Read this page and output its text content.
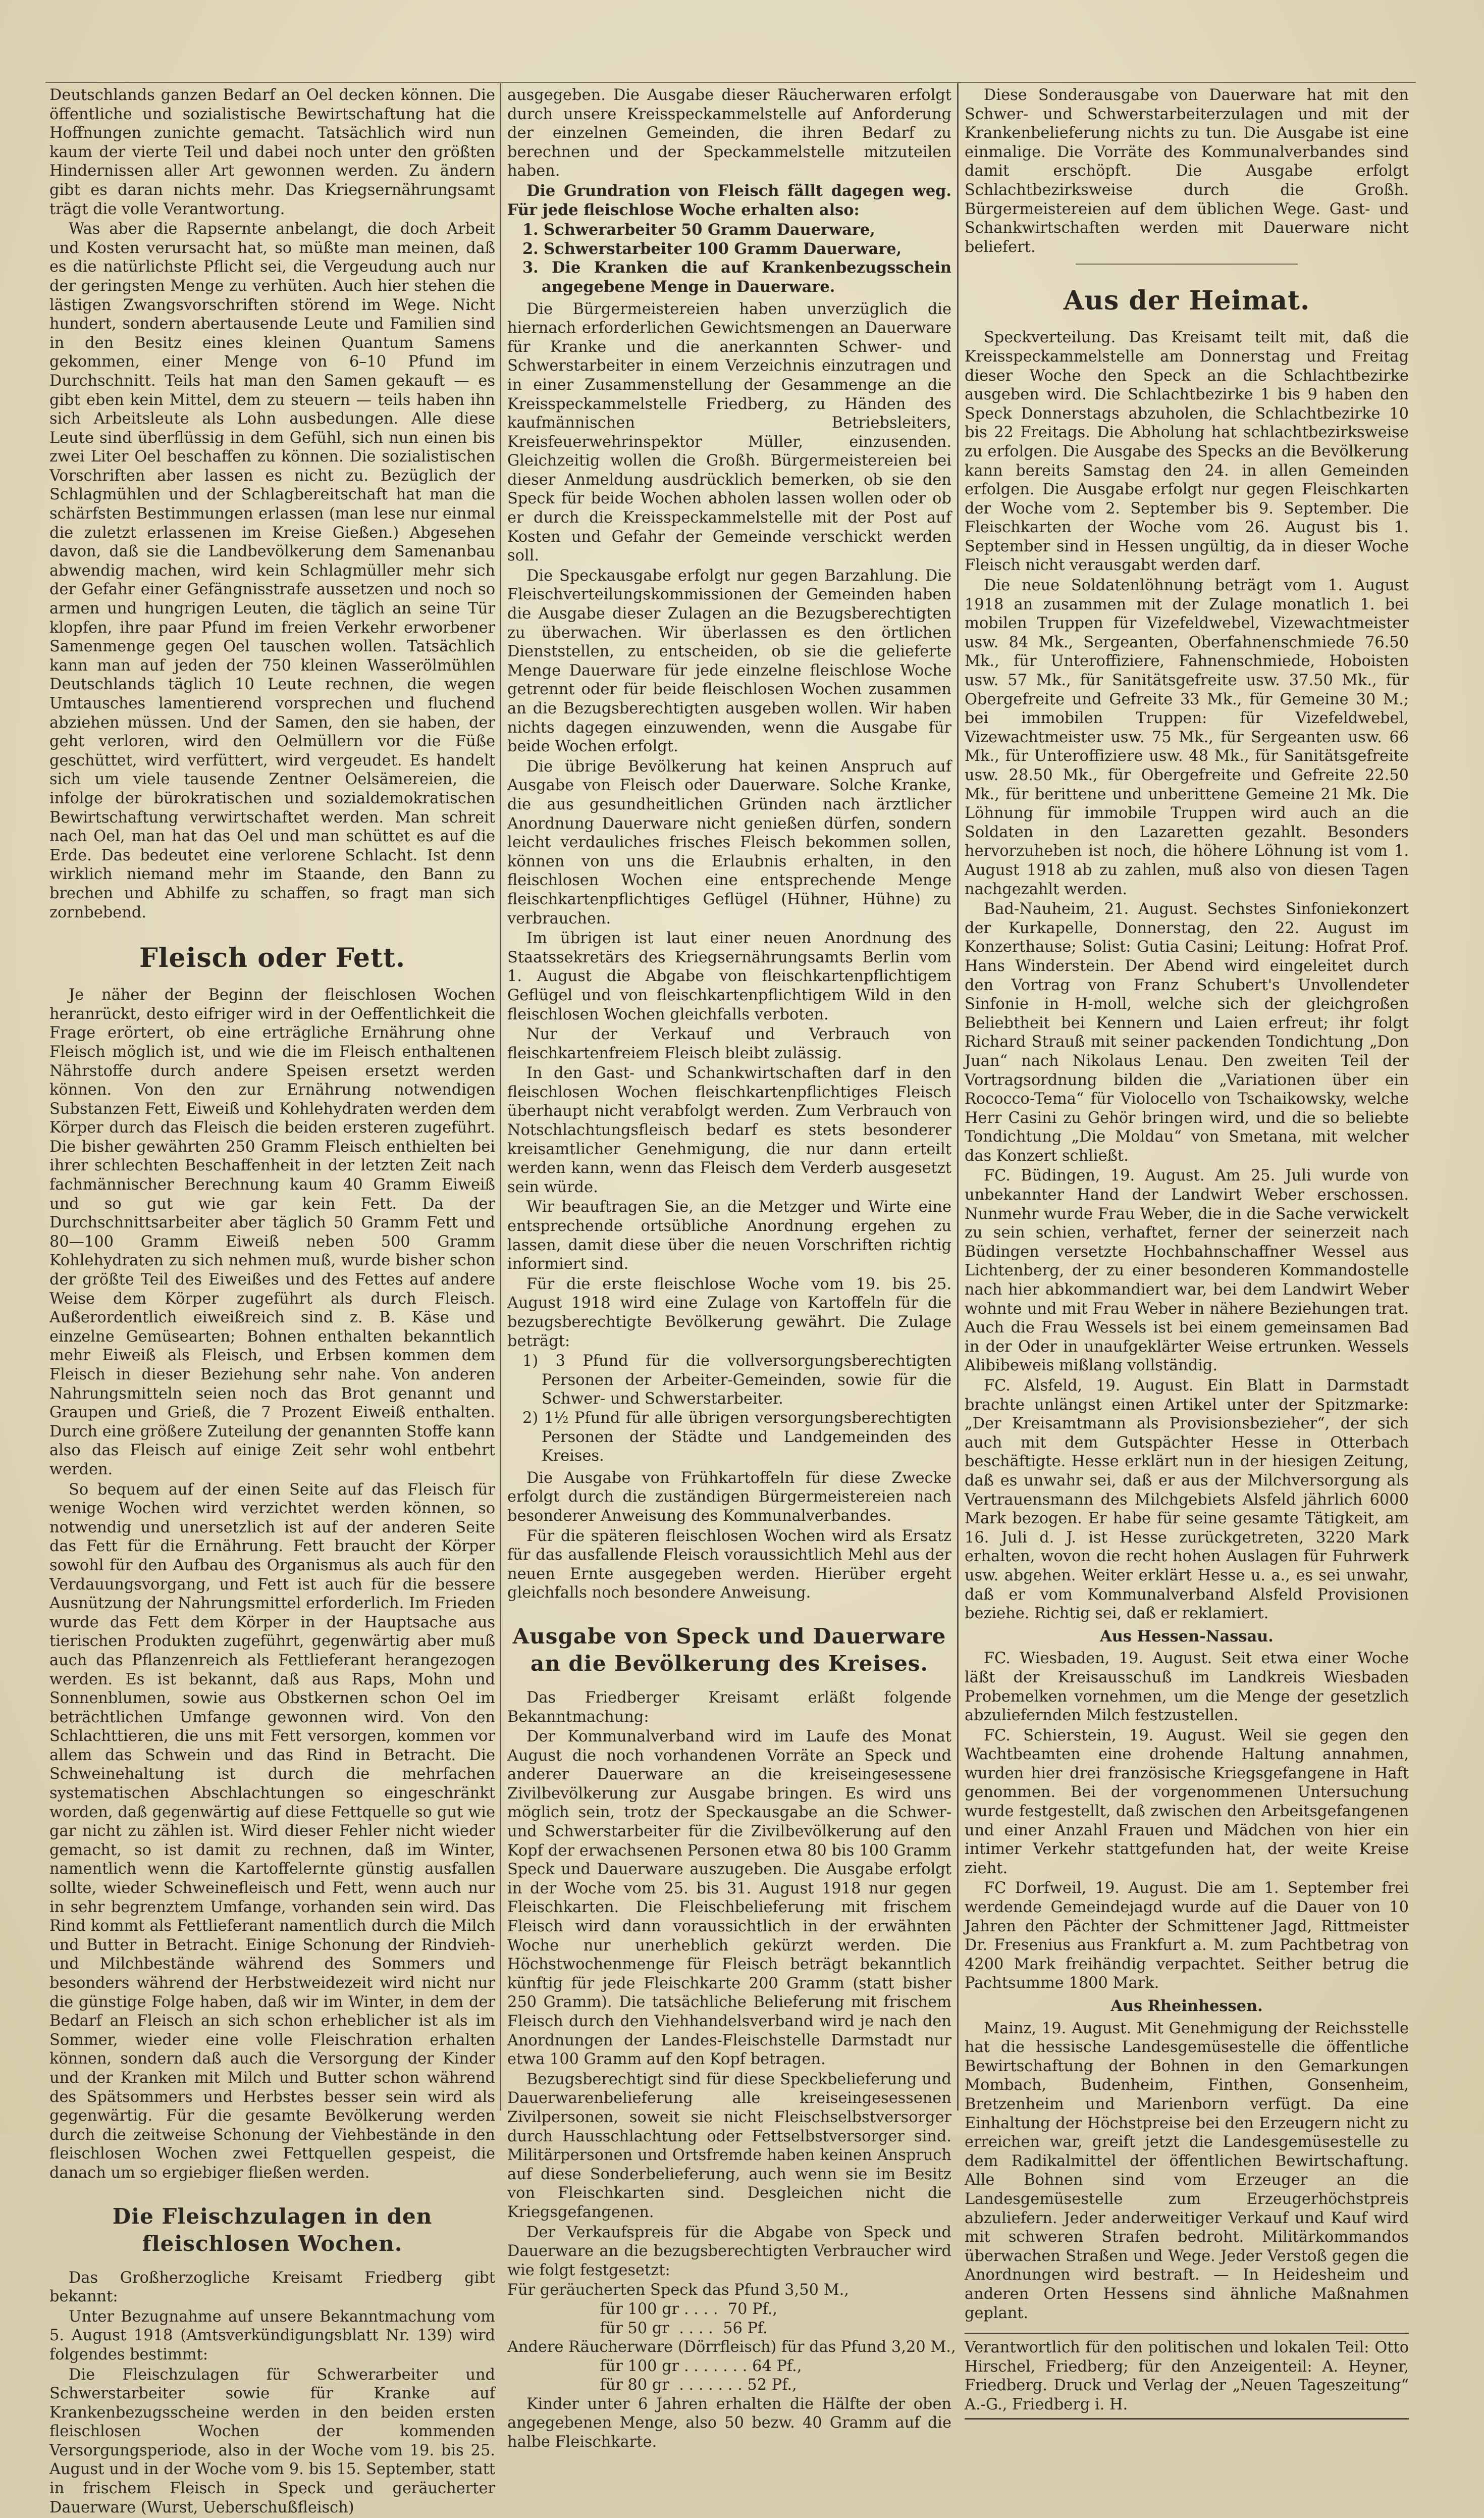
Deutschlands ganzen Bedarf an Oel decken können. Die öffentliche und sozialistische Bewirtschaftung hat die Hoffnungen zunichte gemacht. Tatsächlich wird nun kaum der vierte Teil und dabei noch unter den größten Hindernissen aller Art gewonnen werden. Zu ändern gibt es daran nichts mehr. Das Kriegsernährungsamt trägt die volle Verantwortung.

Was aber die Rapsernte anbelangt, die doch Arbeit und Kosten verursacht hat, so müßte man meinen, daß es die natürlichste Pflicht sei, die Vergeudung auch nur der geringsten Menge zu verhüten. Auch hier stehen die lästigen Zwangsvorschriften störend im Wege. Nicht hundert, sondern abertausende Leute und Familien sind in den Besitz eines kleinen Quantum Samens gekommen, einer Menge von 6–10 Pfund im Durchschnitt. Teils hat man den Samen gekauft — es gibt eben kein Mittel, dem zu steuern — teils haben ihn sich Arbeitsleute als Lohn ausbedungen. Alle diese Leute sind überflüssig in dem Gefühl, sich nun einen bis zwei Liter Oel beschaffen zu können. Die sozialistischen Vorschriften aber lassen es nicht zu. Bezüglich der Schlagmühlen und der Schlagbereitschaft hat man die schärfsten Bestimmungen erlassen (man lese nur einmal die zuletzt erlassenen im Kreise Gießen.) Abgesehen davon, daß sie die Landbevölkerung dem Samenanbau abwendig machen, wird kein Schlagmüller mehr sich der Gefahr einer Gefängnisstrafe aussetzen und noch so armen und hungrigen Leuten, die täglich an seine Tür klopfen, ihre paar Pfund im freien Verkehr erworbener Samenmenge gegen Oel tauschen wollen. Tatsächlich kann man auf jeden der 750 kleinen Wasserölmühlen Deutschlands täglich 10 Leute rechnen, die wegen Umtausches lamentierend vorsprechen und fluchend abziehen müssen. Und der Samen, den sie haben, der geht verloren, wird den Oelmüllern vor die Füße geschüttet, wird verfüttert, wird vergeudet. Es handelt sich um viele tausende Zentner Oelsämereien, die infolge der bürokratischen und sozialdemokratischen Bewirtschaftung verwirtschaftet werden. Man schreit nach Oel, man hat das Oel und man schüttet es auf die Erde. Das bedeutet eine verlorene Schlacht. Ist denn wirklich niemand mehr im Staande, den Bann zu brechen und Abhilfe zu schaffen, so fragt man sich zornbebend.

Fleisch oder Fett.

Je näher der Beginn der fleischlosen Wochen heranrückt, desto eifriger wird in der Oeffentlichkeit die Frage erörtert, ob eine erträgliche Ernährung ohne Fleisch möglich ist, und wie die im Fleisch enthaltenen Nährstoffe durch andere Speisen ersetzt werden können. Von den zur Ernährung notwendigen Substanzen Fett, Eiweiß und Kohlehydraten werden dem Körper durch das Fleisch die beiden ersteren zugeführt. Die bisher gewährten 250 Gramm Fleisch enthielten bei ihrer schlechten Beschaffenheit in der letzten Zeit nach fachmännischer Berechnung kaum 40 Gramm Eiweiß und so gut wie gar kein Fett. Da der Durchschnittsarbeiter aber täglich 50 Gramm Fett und 80—100 Gramm Eiweiß neben 500 Gramm Kohlehydraten zu sich nehmen muß, wurde bisher schon der größte Teil des Eiweißes und des Fettes auf andere Weise dem Körper zugeführt als durch Fleisch. Außerordentlich eiweißreich sind z. B. Käse und einzelne Gemüsearten; Bohnen enthalten bekanntlich mehr Eiweiß als Fleisch, und Erbsen kommen dem Fleisch in dieser Beziehung sehr nahe. Von anderen Nahrungsmitteln seien noch das Brot genannt und Graupen und Grieß, die 7 Prozent Eiweiß enthalten. Durch eine größere Zuteilung der genannten Stoffe kann also das Fleisch auf einige Zeit sehr wohl entbehrt werden.

So bequem auf der einen Seite auf das Fleisch für wenige Wochen wird verzichtet werden können, so notwendig und unersetzlich ist auf der anderen Seite das Fett für die Ernährung. Fett braucht der Körper sowohl für den Aufbau des Organismus als auch für den Verdauungsvorgang, und Fett ist auch für die bessere Ausnützung der Nahrungsmittel erforderlich. Im Frieden wurde das Fett dem Körper in der Hauptsache aus tierischen Produkten zugeführt, gegenwärtig aber muß auch das Pflanzenreich als Fettlieferant herangezogen werden. Es ist bekannt, daß aus Raps, Mohn und Sonnenblumen, sowie aus Obstkernen schon Oel im beträchtlichen Umfange gewonnen wird. Von den Schlachttieren, die uns mit Fett versorgen, kommen vor allem das Schwein und das Rind in Betracht. Die Schweinehaltung ist durch die mehrfachen systematischen Abschlachtungen so eingeschränkt worden, daß gegenwärtig auf diese Fettquelle so gut wie gar nicht zu zählen ist. Wird dieser Fehler nicht wieder gemacht, so ist damit zu rechnen, daß im Winter, namentlich wenn die Kartoffelernte günstig ausfallen sollte, wieder Schweinefleisch und Fett, wenn auch nur in sehr begrenztem Umfange, vorhanden sein wird. Das Rind kommt als Fettlieferant namentlich durch die Milch und Butter in Betracht. Einige Schonung der Rindvieh- und Milchbestände während des Sommers und besonders während der Herbstweidezeit wird nicht nur die günstige Folge haben, daß wir im Winter, in dem der Bedarf an Fleisch an sich schon erheblicher ist als im Sommer, wieder eine volle Fleischration erhalten können, sondern daß auch die Versorgung der Kinder und der Kranken mit Milch und Butter schon während des Spätsommers und Herbstes besser sein wird als gegenwärtig. Für die gesamte Bevölkerung werden durch die zeitweise Schonung der Viehbestände in den fleischlosen Wochen zwei Fettquellen gespeist, die danach um so ergiebiger fließen werden.

Die Fleischzulagen in den fleischlosen Wochen.

Das Großherzogliche Kreisamt Friedberg gibt bekannt:

Unter Bezugnahme auf unsere Bekanntmachung vom 5. August 1918 (Amtsverkündigungsblatt Nr. 139) wird folgendes bestimmt:

Die Fleischzulagen für Schwerarbeiter und Schwerstarbeiter sowie für Kranke auf Krankenbezugsscheine werden in den beiden ersten fleischlosen Wochen der kommenden Versorgungsperiode, also in der Woche vom 19. bis 25. August und in der Woche vom 9. bis 15. September, statt in frischem Fleisch in Speck und geräucherter Dauerware (Wurst, Ueberschußfleisch)

ausgegeben. Die Ausgabe dieser Räucherwaren erfolgt durch unsere Kreisspeckammelstelle auf Anforderung der einzelnen Gemeinden, die ihren Bedarf zu berechnen und der Speckammelstelle mitzuteilen haben.

Die Grundration von Fleisch fällt dagegen weg. Für jede fleischlose Woche erhalten also:

1. Schwerarbeiter 50 Gramm Dauerware,
2. Schwerstarbeiter 100 Gramm Dauerware,
3. Die Kranken die auf Krankenbezugsschein angegebene Menge in Dauerware.

Die Bürgermeistereien haben unverzüglich die hiernach erforderlichen Gewichtsmengen an Dauerware für Kranke und die anerkannten Schwer- und Schwerstarbeiter in einem Verzeichnis einzutragen und in einer Zusammenstellung der Gesammenge an die Kreisspeckammelstelle Friedberg, zu Händen des kaufmännischen Betriebsleiters, Kreisfeuerwehrinspektor Müller, einzusenden. Gleichzeitig wollen die Großh. Bürgermeistereien bei dieser Anmeldung ausdrücklich bemerken, ob sie den Speck für beide Wochen abholen lassen wollen oder ob er durch die Kreisspeckammelstelle mit der Post auf Kosten und Gefahr der Gemeinde verschickt werden soll.

Die Speckausgabe erfolgt nur gegen Barzahlung. Die Fleischverteilungskommissionen der Gemeinden haben die Ausgabe dieser Zulagen an die Bezugsberechtigten zu überwachen. Wir überlassen es den örtlichen Dienststellen, zu entscheiden, ob sie die gelieferte Menge Dauerware für jede einzelne fleischlose Woche getrennt oder für beide fleischlosen Wochen zusammen an die Bezugsberechtigten ausgeben wollen. Wir haben nichts dagegen einzuwenden, wenn die Ausgabe für beide Wochen erfolgt.

Die übrige Bevölkerung hat keinen Anspruch auf Ausgabe von Fleisch oder Dauerware. Solche Kranke, die aus gesundheitlichen Gründen nach ärztlicher Anordnung Dauerware nicht genießen dürfen, sondern leicht verdauliches frisches Fleisch bekommen sollen, können von uns die Erlaubnis erhalten, in den fleischlosen Wochen eine entsprechende Menge fleischkartenpflichtiges Geflügel (Hühner, Hühne) zu verbrauchen.

Im übrigen ist laut einer neuen Anordnung des Staatssekretärs des Kriegsernährungsamts Berlin vom 1. August die Abgabe von fleischkartenpflichtigem Geflügel und von fleischkartenpflichtigem Wild in den fleischlosen Wochen gleichfalls verboten.

Nur der Verkauf und Verbrauch von fleischkartenfreiem Fleisch bleibt zulässig.

In den Gast- und Schankwirtschaften darf in den fleischlosen Wochen fleischkartenpflichtiges Fleisch überhaupt nicht verabfolgt werden. Zum Verbrauch von Notschlachtungsfleisch bedarf es stets besonderer kreisamtlicher Genehmigung, die nur dann erteilt werden kann, wenn das Fleisch dem Verderb ausgesetzt sein würde.

Wir beauftragen Sie, an die Metzger und Wirte eine entsprechende ortsübliche Anordnung ergehen zu lassen, damit diese über die neuen Vorschriften richtig informiert sind.

Für die erste fleischlose Woche vom 19. bis 25. August 1918 wird eine Zulage von Kartoffeln für die bezugsberechtigte Bevölkerung gewährt. Die Zulage beträgt:

1) 3 Pfund für die vollversorgungsberechtigten Personen der Arbeiter-Gemeinden, sowie für die Schwer- und Schwerstarbeiter.
2) 1½ Pfund für alle übrigen versorgungsberechtigten Personen der Städte und Landgemeinden des Kreises.

Die Ausgabe von Frühkartoffeln für diese Zwecke erfolgt durch die zuständigen Bürgermeistereien nach besonderer Anweisung des Kommunalverbandes.

Für die späteren fleischlosen Wochen wird als Ersatz für das ausfallende Fleisch voraussichtlich Mehl aus der neuen Ernte ausgegeben werden. Hierüber ergeht gleichfalls noch besondere Anweisung.

Ausgabe von Speck und Dauerware an die Bevölkerung des Kreises.

Das Friedberger Kreisamt erläßt folgende Bekanntmachung:

Der Kommunalverband wird im Laufe des Monat August die noch vorhandenen Vorräte an Speck und anderer Dauerware an die kreiseingesessene Zivilbevölkerung zur Ausgabe bringen. Es wird uns möglich sein, trotz der Speckausgabe an die Schwer- und Schwerstarbeiter für die Zivilbevölkerung auf den Kopf der erwachsenen Personen etwa 80 bis 100 Gramm Speck und Dauerware auszugeben. Die Ausgabe erfolgt in der Woche vom 25. bis 31. August 1918 nur gegen Fleischkarten. Die Fleischbelieferung mit frischem Fleisch wird dann voraussichtlich in der erwähnten Woche nur unerheblich gekürzt werden. Die Höchstwochenmenge für Fleisch beträgt bekanntlich künftig für jede Fleischkarte 200 Gramm (statt bisher 250 Gramm). Die tatsächliche Belieferung mit frischem Fleisch durch den Viehhandelsverband wird je nach den Anordnungen der Landes-Fleischstelle Darmstadt nur etwa 100 Gramm auf den Kopf betragen.

Bezugsberechtigt sind für diese Speckbelieferung und Dauerwarenbelieferung alle kreiseingesessenen Zivilpersonen, soweit sie nicht Fleischselbstversorger durch Hausschlachtung oder Fettselbstversorger sind. Militärpersonen und Ortsfremde haben keinen Anspruch auf diese Sonderbelieferung, auch wenn sie im Besitz von Fleischkarten sind. Desgleichen nicht die Kriegsgefangenen.

Der Verkaufspreis für die Abgabe von Speck und Dauerware an die bezugsberechtigten Verbraucher wird wie folgt festgesetzt:

Für geräucherten Speck das Pfund 3,50 M.,
für 100 gr . . . .  70 Pf.,
für 50 gr  . . . .  56 Pf.
Andere Räucherware (Dörrfleisch) für das Pfund 3,20 M.,
für 100 gr . . . . . . . 64 Pf.,
für 80 gr  . . . . . . . 52 Pf.,

Kinder unter 6 Jahren erhalten die Hälfte der oben angegebenen Menge, also 50 bezw. 40 Gramm auf die halbe Fleischkarte.

Diese Sonderausgabe von Dauerware hat mit den Schwer- und Schwerstarbeiterzulagen und mit der Krankenbelieferung nichts zu tun. Die Ausgabe ist eine einmalige. Die Vorräte des Kommunalverbandes sind damit erschöpft. Die Ausgabe erfolgt Schlachtbezirksweise durch die Großh. Bürgermeistereien auf dem üblichen Wege. Gast- und Schankwirtschaften werden mit Dauerware nicht beliefert.

Aus der Heimat.

Speckverteilung. Das Kreisamt teilt mit, daß die Kreisspeckammelstelle am Donnerstag und Freitag dieser Woche den Speck an die Schlachtbezirke ausgeben wird. Die Schlachtbezirke 1 bis 9 haben den Speck Donnerstags abzuholen, die Schlachtbezirke 10 bis 22 Freitags. Die Abholung hat schlachtbezirksweise zu erfolgen. Die Ausgabe des Specks an die Bevölkerung kann bereits Samstag den 24. in allen Gemeinden erfolgen. Die Ausgabe erfolgt nur gegen Fleischkarten der Woche vom 2. September bis 9. September. Die Fleischkarten der Woche vom 26. August bis 1. September sind in Hessen ungültig, da in dieser Woche Fleisch nicht verausgabt werden darf.

Die neue Soldatenlöhnung beträgt vom 1. August 1918 an zusammen mit der Zulage monatlich 1. bei mobilen Truppen für Vizefeldwebel, Vizewachtmeister usw. 84 Mk., Sergeanten, Oberfahnenschmiede 76.50 Mk., für Unteroffiziere, Fahnenschmiede, Hoboisten usw. 57 Mk., für Sanitätsgefreite usw. 37.50 Mk., für Obergefreite und Gefreite 33 Mk., für Gemeine 30 M.; bei immobilen Truppen: für Vizefeldwebel, Vizewachtmeister usw. 75 Mk., für Sergeanten usw. 66 Mk., für Unteroffiziere usw. 48 Mk., für Sanitätsgefreite usw. 28.50 Mk., für Obergefreite und Gefreite 22.50 Mk., für berittene und unberittene Gemeine 21 Mk. Die Löhnung für immobile Truppen wird auch an die Soldaten in den Lazaretten gezahlt. Besonders hervorzuheben ist noch, die höhere Löhnung ist vom 1. August 1918 ab zu zahlen, muß also von diesen Tagen nachgezahlt werden.

Bad-Nauheim, 21. August. Sechstes Sinfoniekonzert der Kurkapelle, Donnerstag, den 22. August im Konzerthause; Solist: Gutia Casini; Leitung: Hofrat Prof. Hans Winderstein. Der Abend wird eingeleitet durch den Vortrag von Franz Schubert's Unvollendeter Sinfonie in H-moll, welche sich der gleichgroßen Beliebtheit bei Kennern und Laien erfreut; ihr folgt Richard Strauß mit seiner packenden Tondichtung „Don Juan“ nach Nikolaus Lenau. Den zweiten Teil der Vortragsordnung bilden die „Variationen über ein Rococco-Tema“ für Violocello von Tschaikowsky, welche Herr Casini zu Gehör bringen wird, und die so beliebte Tondichtung „Die Moldau“ von Smetana, mit welcher das Konzert schließt.

FC. Büdingen, 19. August. Am 25. Juli wurde von unbekannter Hand der Landwirt Weber erschossen. Nunmehr wurde Frau Weber, die in die Sache verwickelt zu sein schien, verhaftet, ferner der seinerzeit nach Büdingen versetzte Hochbahnschaffner Wessel aus Lichtenberg, der zu einer besonderen Kommandostelle nach hier abkommandiert war, bei dem Landwirt Weber wohnte und mit Frau Weber in nähere Beziehungen trat. Auch die Frau Wessels ist bei einem gemeinsamen Bad in der Oder in unaufgeklärter Weise ertrunken. Wessels Alibibeweis mißlang vollständig.

FC. Alsfeld, 19. August. Ein Blatt in Darmstadt brachte unlängst einen Artikel unter der Spitzmarke: „Der Kreisamtmann als Provisionsbezieher“, der sich auch mit dem Gutspächter Hesse in Otterbach beschäftigte. Hesse erklärt nun in der hiesigen Zeitung, daß es unwahr sei, daß er aus der Milchversorgung als Vertrauensmann des Milchgebiets Alsfeld jährlich 6000 Mark bezogen. Er habe für seine gesamte Tätigkeit, am 16. Juli d. J. ist Hesse zurückgetreten, 3220 Mark erhalten, wovon die recht hohen Auslagen für Fuhrwerk usw. abgehen. Weiter erklärt Hesse u. a., es sei unwahr, daß er vom Kommunalverband Alsfeld Provisionen beziehe. Richtig sei, daß er reklamiert.

Aus Hessen-Nassau.

FC. Wiesbaden, 19. August. Seit etwa einer Woche läßt der Kreisausschuß im Landkreis Wiesbaden Probemelken vornehmen, um die Menge der gesetzlich abzuliefernden Milch festzustellen.

FC. Schierstein, 19. August. Weil sie gegen den Wachtbeamten eine drohende Haltung annahmen, wurden hier drei französische Kriegsgefangene in Haft genommen. Bei der vorgenommenen Untersuchung wurde festgestellt, daß zwischen den Arbeitsgefangenen und einer Anzahl Frauen und Mädchen von hier ein intimer Verkehr stattgefunden hat, der weite Kreise zieht.

FC Dorfweil, 19. August. Die am 1. September frei werdende Gemeindejagd wurde auf die Dauer von 10 Jahren den Pächter der Schmittener Jagd, Rittmeister Dr. Fresenius aus Frankfurt a. M. zum Pachtbetrag von 4200 Mark freihändig verpachtet. Seither betrug die Pachtsumme 1800 Mark.

Aus Rheinhessen.

Mainz, 19. August. Mit Genehmigung der Reichsstelle hat die hessische Landesgemüsestelle die öffentliche Bewirtschaftung der Bohnen in den Gemarkungen Mombach, Budenheim, Finthen, Gonsenheim, Bretzenheim und Marienborn verfügt. Da eine Einhaltung der Höchstpreise bei den Erzeugern nicht zu erreichen war, greift jetzt die Landesgemüsestelle zu dem Radikalmittel der öffentlichen Bewirtschaftung. Alle Bohnen sind vom Erzeuger an die Landesgemüsestelle zum Erzeugerhöchstpreis abzuliefern. Jeder anderweitiger Verkauf und Kauf wird mit schweren Strafen bedroht. Militärkommandos überwachen Straßen und Wege. Jeder Verstoß gegen die Anordnungen wird bestraft. — In Heidesheim und anderen Orten Hessens sind ähnliche Maßnahmen geplant.

Verantwortlich für den politischen und lokalen Teil: Otto Hirschel, Friedberg; für den Anzeigenteil: A. Heyner, Friedberg. Druck und Verlag der „Neuen Tageszeitung“ A.-G., Friedberg i. H.
